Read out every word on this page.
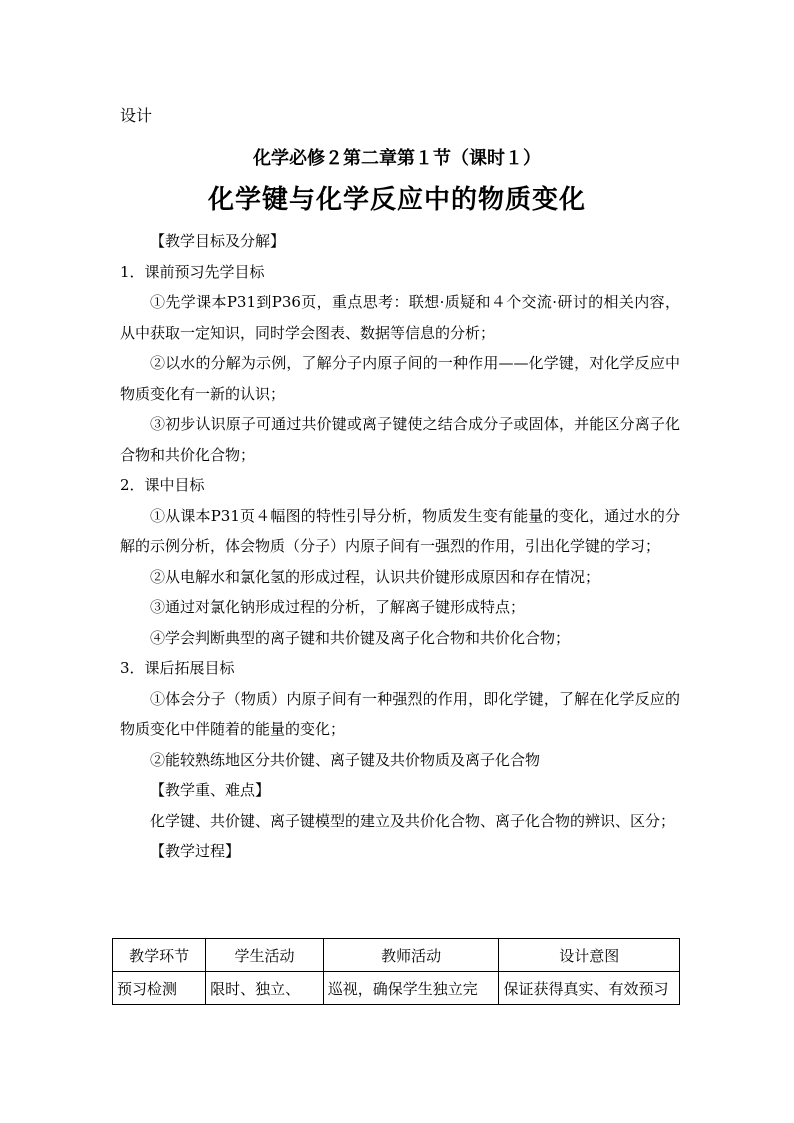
设计
化学必修２第二章第１节（课时１）
化学键与化学反应中的物质变化

【教学目标及分解】

1．课前预习先学目标

①先学课本P31到P36页，重点思考：联想·质疑和４个交流·研讨的相关内容，从中获取一定知识，同时学会图表、数据等信息的分析；

②以水的分解为示例，了解分子内原子间的一种作用——化学键，对化学反应中物质变化有一新的认识；

③初步认识原子可通过共价键或离子键使之结合成分子或固体，并能区分离子化合物和共价化合物；

2．课中目标

①从课本P31页４幅图的特性引导分析，物质发生变有能量的变化，通过水的分解的示例分析，体会物质（分子）内原子间有一强烈的作用，引出化学键的学习；

②从电解水和氯化氢的形成过程，认识共价键形成原因和存在情况；

③通过对氯化钠形成过程的分析，了解离子键形成特点；

④学会判断典型的离子键和共价键及离子化合物和共价化合物；

3．课后拓展目标

①体会分子（物质）内原子间有一种强烈的作用，即化学键，了解在化学反应的物质变化中伴随着的能量的变化；

②能较熟练地区分共价键、离子键及共价物质及离子化合物

【教学重、难点】

化学键、共价键、离子键模型的建立及共价化合物、离子化合物的辨识、区分；

【教学过程】

教学环节	学生活动	教师活动	设计意图
预习检测	限时、独立、	巡视，确保学生独立完	保证获得真实、有效预习
